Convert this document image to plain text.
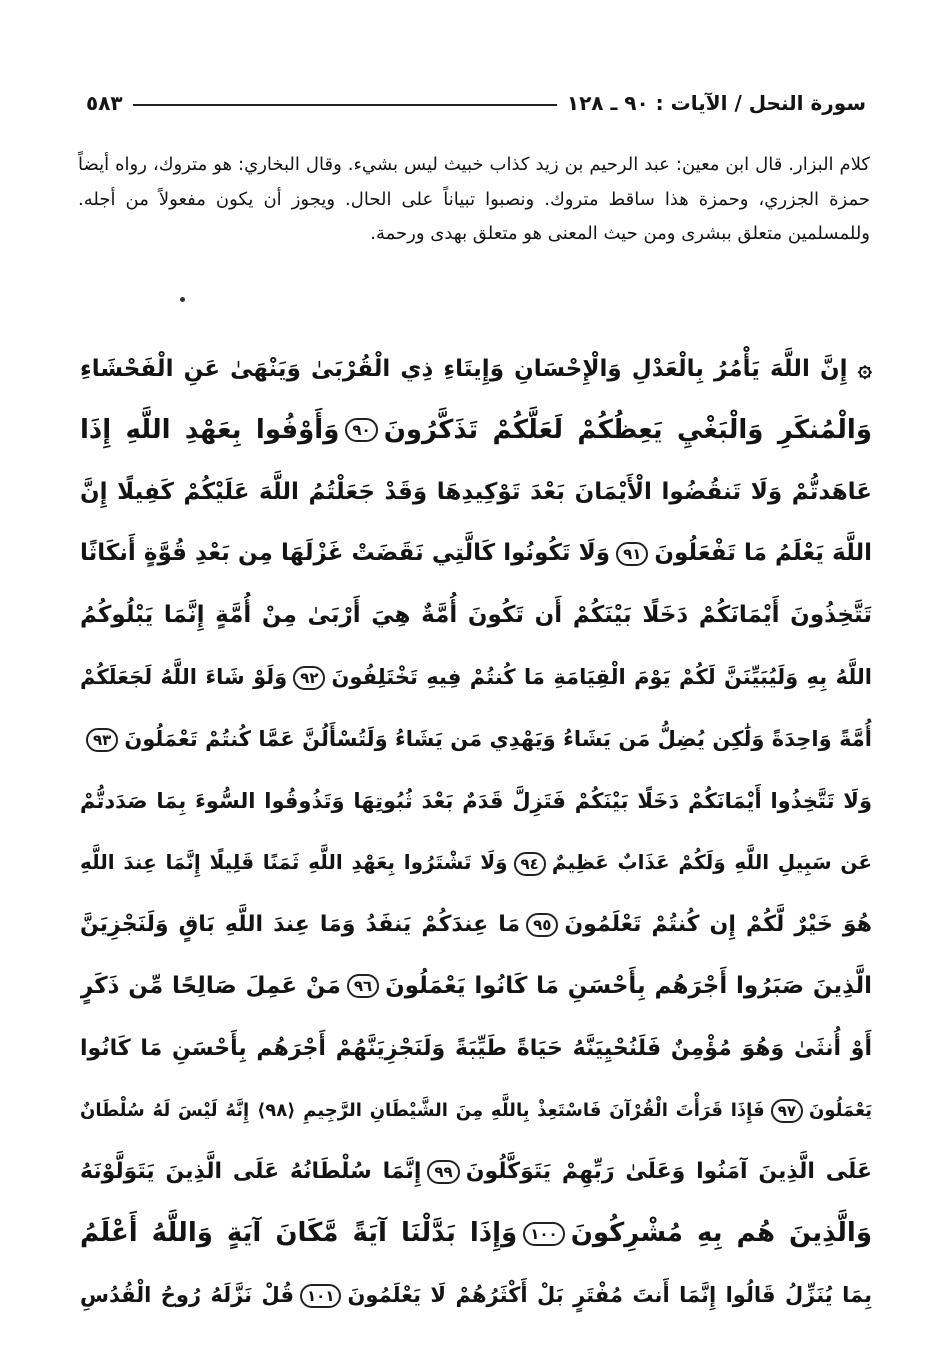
سورة النحل / الآيات : ٩٠ ـ ١٢٨
٥٨٣

كلام البزار. قال ابن معين: عبد الرحيم بن زيد كذاب خبيث ليس بشيء. وقال البخاري: هو متروك، رواه أيضاً حمزة الجزري، وحمزة هذا ساقط متروك. ونصبوا تبياناً على الحال. ويجوز أن يكون مفعولاً من أجله. وللمسلمين متعلق ببشرى ومن حيث المعنى هو متعلق بهدى ورحمة.

۞ إِنَّ اللَّهَ يَأْمُرُ بِالْعَدْلِ وَالْإِحْسَانِ وَإِيتَاءِ ذِي الْقُرْبَىٰ وَيَنْهَىٰ عَنِ الْفَحْشَاءِ
وَالْمُنكَرِ وَالْبَغْيِ يَعِظُكُمْ لَعَلَّكُمْ تَذَكَّرُونَ٩٠وَأَوْفُوا بِعَهْدِ اللَّهِ إِذَا
عَاهَدتُّمْ وَلَا تَنقُضُوا الْأَيْمَانَ بَعْدَ تَوْكِيدِهَا وَقَدْ جَعَلْتُمُ اللَّهَ عَلَيْكُمْ كَفِيلًا إِنَّ
اللَّهَ يَعْلَمُ مَا تَفْعَلُونَ٩١وَلَا تَكُونُوا كَالَّتِي نَقَضَتْ غَزْلَهَا مِن بَعْدِ قُوَّةٍ أَنكَاثًا
تَتَّخِذُونَ أَيْمَانَكُمْ دَخَلًا بَيْنَكُمْ أَن تَكُونَ أُمَّةٌ هِيَ أَرْبَىٰ مِنْ أُمَّةٍ إِنَّمَا يَبْلُوكُمُ
اللَّهُ بِهِ وَلَيُبَيِّنَنَّ لَكُمْ يَوْمَ الْقِيَامَةِ مَا كُنتُمْ فِيهِ تَخْتَلِفُونَ٩٢وَلَوْ شَاءَ اللَّهُ لَجَعَلَكُمْ
أُمَّةً وَاحِدَةً وَلَٰكِن يُضِلُّ مَن يَشَاءُ وَيَهْدِي مَن يَشَاءُ وَلَتُسْأَلُنَّ عَمَّا كُنتُمْ تَعْمَلُونَ٩٣
وَلَا تَتَّخِذُوا أَيْمَانَكُمْ دَخَلًا بَيْنَكُمْ فَتَزِلَّ قَدَمٌ بَعْدَ ثُبُوتِهَا وَتَذُوقُوا السُّوءَ بِمَا صَدَدتُّمْ
عَن سَبِيلِ اللَّهِ وَلَكُمْ عَذَابٌ عَظِيمٌ٩٤وَلَا تَشْتَرُوا بِعَهْدِ اللَّهِ ثَمَنًا قَلِيلًا إِنَّمَا عِندَ اللَّهِ
هُوَ خَيْرٌ لَّكُمْ إِن كُنتُمْ تَعْلَمُونَ٩٥مَا عِندَكُمْ يَنفَدُ وَمَا عِندَ اللَّهِ بَاقٍ وَلَنَجْزِيَنَّ
الَّذِينَ صَبَرُوا أَجْرَهُم بِأَحْسَنِ مَا كَانُوا يَعْمَلُونَ٩٦مَنْ عَمِلَ صَالِحًا مِّن ذَكَرٍ
أَوْ أُنثَىٰ وَهُوَ مُؤْمِنٌ فَلَنُحْيِيَنَّهُ حَيَاةً طَيِّبَةً وَلَنَجْزِيَنَّهُمْ أَجْرَهُم بِأَحْسَنِ مَا كَانُوا
يَعْمَلُونَ٩٧فَإِذَا قَرَأْتَ الْقُرْآنَ فَاسْتَعِذْ بِاللَّهِ مِنَ الشَّيْطَانِ الرَّجِيمِ ⟨٩٨⟩ إِنَّهُ لَيْسَ لَهُ سُلْطَانٌ
عَلَى الَّذِينَ آمَنُوا وَعَلَىٰ رَبِّهِمْ يَتَوَكَّلُونَ٩٩إِنَّمَا سُلْطَانُهُ عَلَى الَّذِينَ يَتَوَلَّوْنَهُ
وَالَّذِينَ هُم بِهِ مُشْرِكُونَ١٠٠وَإِذَا بَدَّلْنَا آيَةً مَّكَانَ آيَةٍ وَاللَّهُ أَعْلَمُ
بِمَا يُنَزِّلُ قَالُوا إِنَّمَا أَنتَ مُفْتَرٍ بَلْ أَكْثَرُهُمْ لَا يَعْلَمُونَ١٠١قُلْ نَزَّلَهُ رُوحُ الْقُدُسِ
